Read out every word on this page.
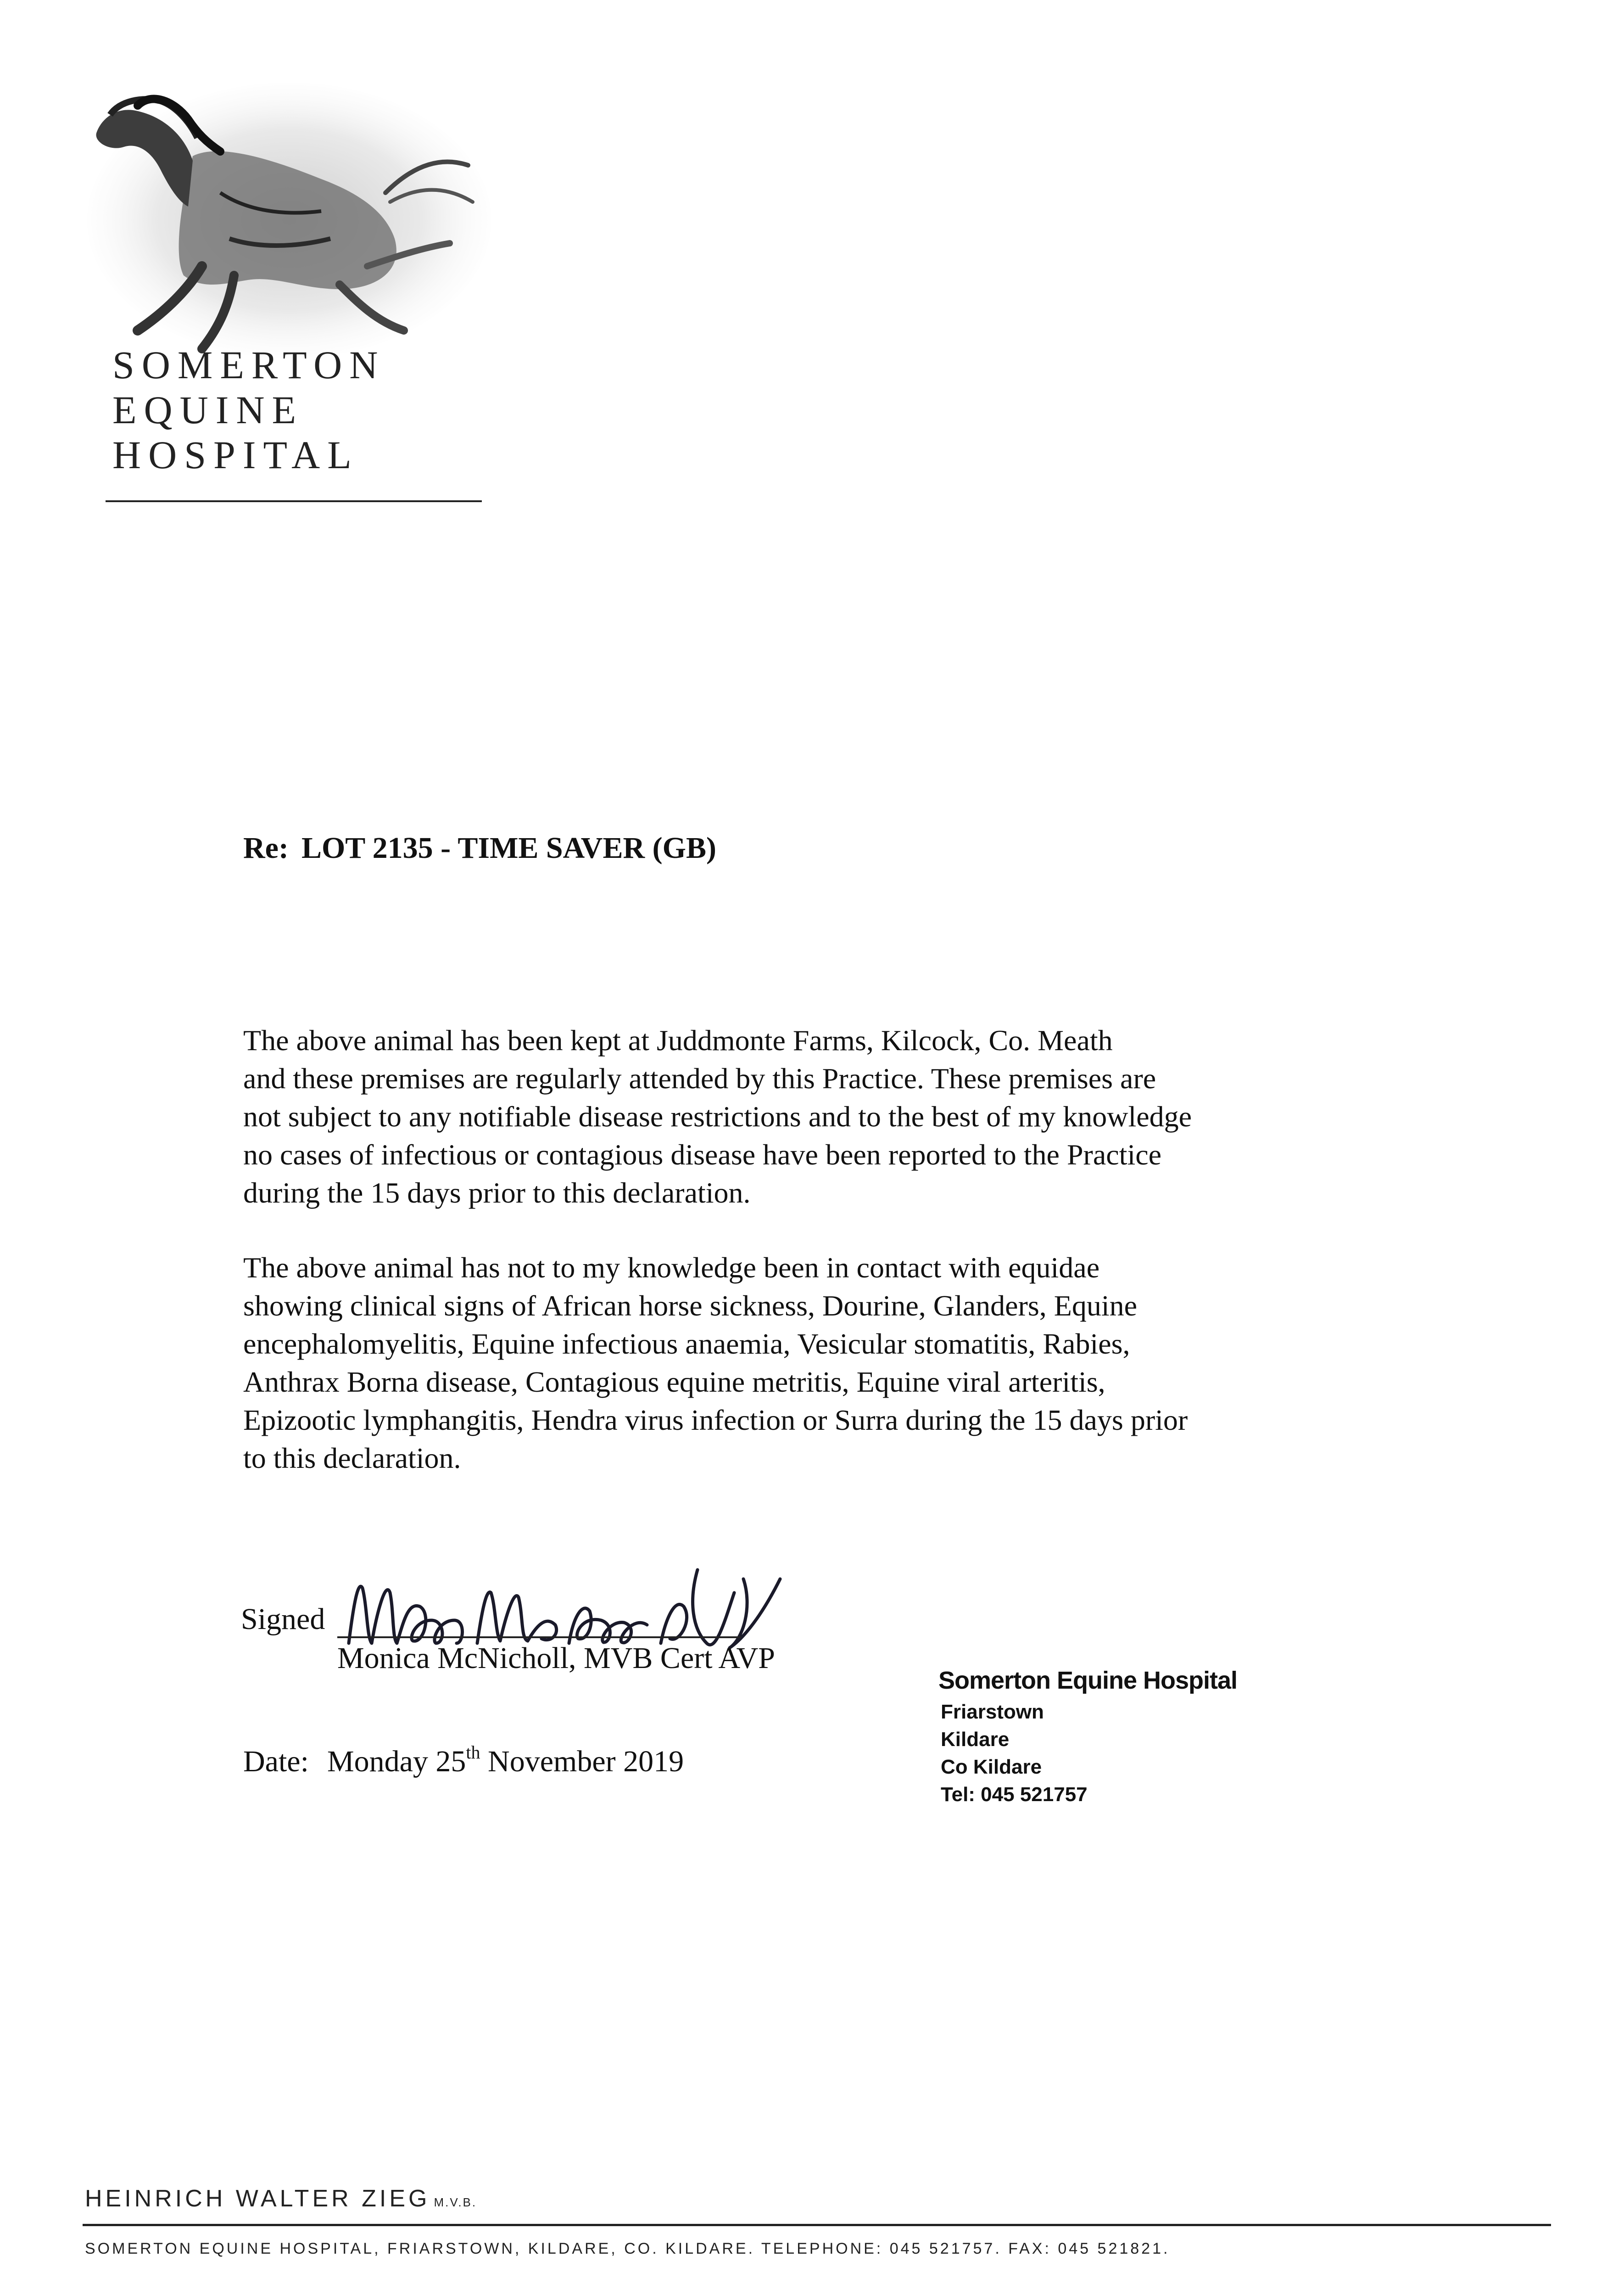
SOMERTON
EQUINE
HOSPITAL
Re: LOT 2135 - TIME SAVER (GB)
The above animal has been kept at Juddmonte Farms, Kilcock, Co. Meath
and these premises are regularly attended by this Practice. These premises are
not subject to any notifiable disease restrictions and to the best of my knowledge
no cases of infectious or contagious disease have been reported to the Practice
during the 15 days prior to this declaration.
The above animal has not to my knowledge been in contact with equidae
showing clinical signs of African horse sickness, Dourine, Glanders, Equine
encephalomyelitis, Equine infectious anaemia, Vesicular stomatitis, Rabies,
Anthrax Borna disease, Contagious equine metritis, Equine viral arteritis,
Epizootic lymphangitis, Hendra virus infection or Surra during the 15 days prior
to this declaration.
Signed
Monica McNicholl, MVB Cert AVP
Date: Monday 25th November 2019
Somerton Equine Hospital
Friarstown
Kildare
Co Kildare
Tel: 045 521757
HEINRICH WALTER ZIEG M.V.B.
SOMERTON EQUINE HOSPITAL, FRIARSTOWN, KILDARE, CO. KILDARE. TELEPHONE: 045 521757. FAX: 045 521821.
